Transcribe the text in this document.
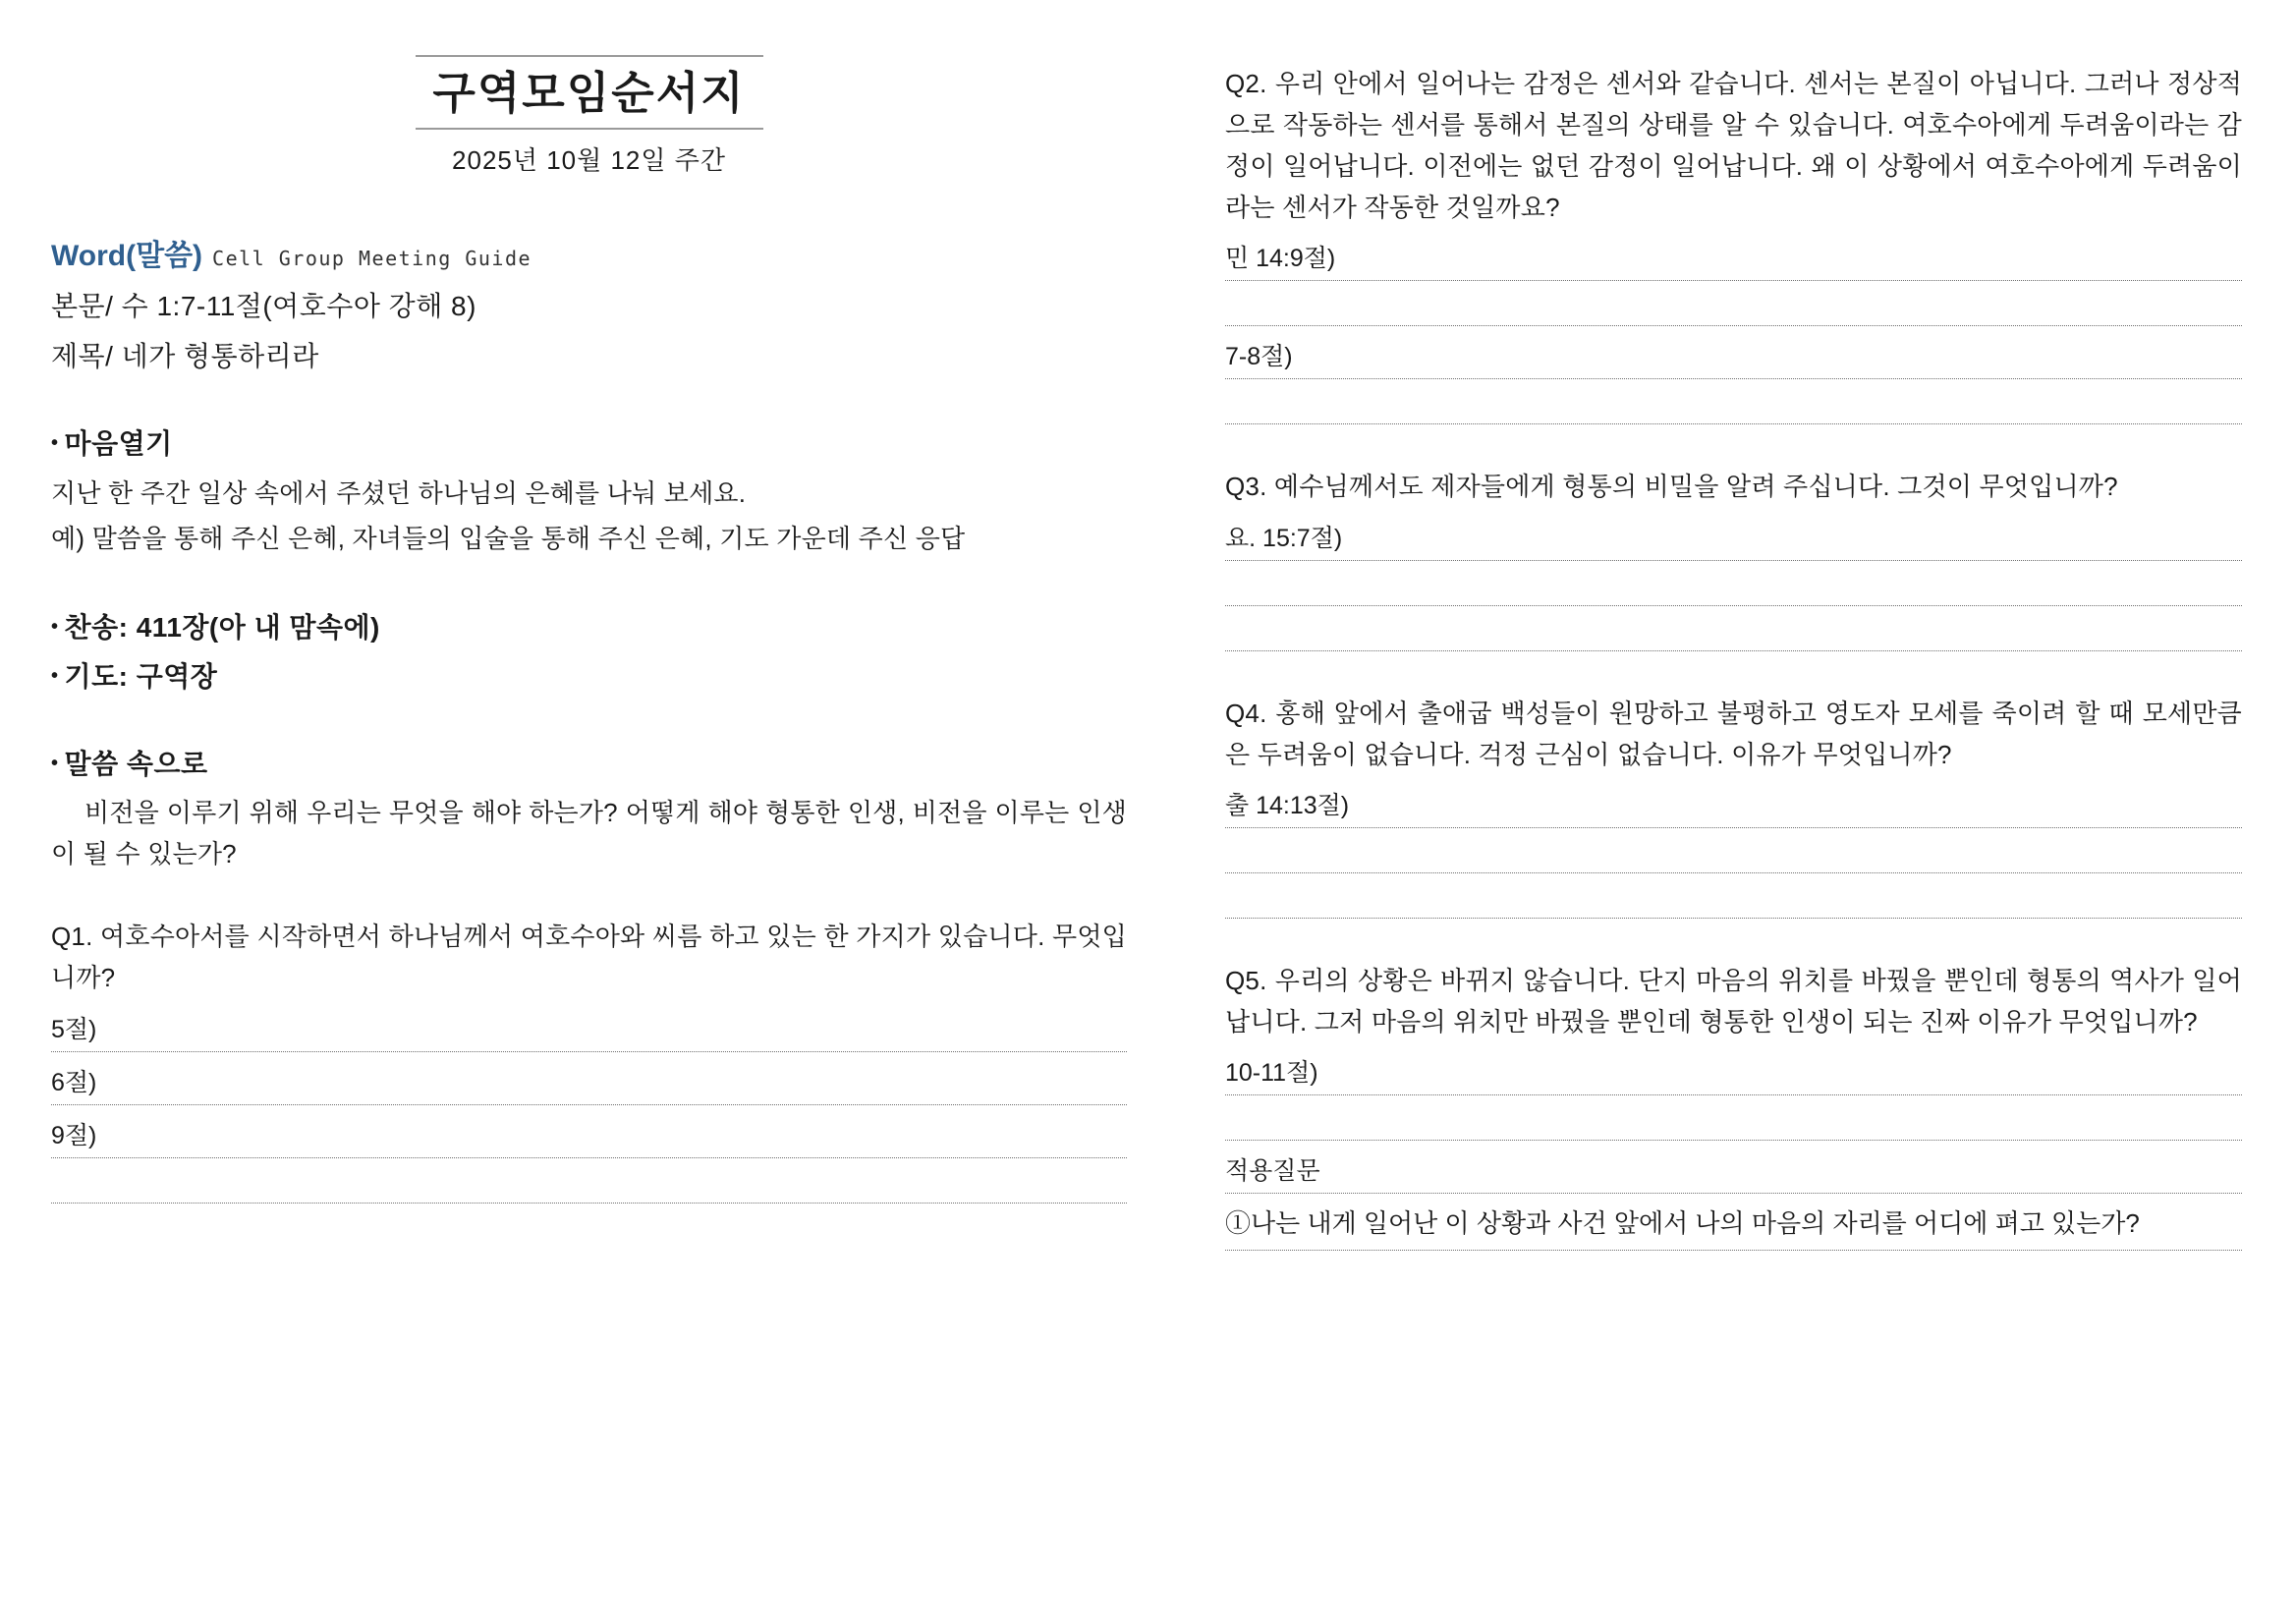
구역모임순서지
2025년 10월 12일 주간
Word(말씀) Cell Group Meeting Guide
본문/ 수 1:7-11절(여호수아 강해 8)
제목/ 네가 형통하리라
• 마음열기
지난 한 주간 일상 속에서 주셨던 하나님의 은혜를 나눠 보세요.
예) 말씀을 통해 주신 은혜, 자녀들의 입술을 통해 주신 은혜, 기도 가운데 주신 응답
• 찬송: 411장(아 내 맘속에)
• 기도: 구역장
• 말씀 속으로
비전을 이루기 위해 우리는 무엇을 해야 하는가? 어떻게 해야 형통한 인생, 비전을 이루는 인생이 될 수 있는가?
Q1. 여호수아서를 시작하면서 하나님께서 여호수아와 씨름 하고 있는 한 가지가 있습니다. 무엇입니까?
5절)
6절)
9절)
Q2. 우리 안에서 일어나는 감정은 센서와 같습니다. 센서는 본질이 아닙니다. 그러나 정상적으로 작동하는 센서를 통해서 본질의 상태를 알 수 있습니다. 여호수아에게 두려움이라는 감정이 일어납니다. 이전에는 없던 감정이 일어납니다. 왜 이 상황에서 여호수아에게 두려움이라는 센서가 작동한 것일까요?
민 14:9절)
7-8절)
Q3. 예수님께서도 제자들에게 형통의 비밀을 알려 주십니다. 그것이 무엇입니까?
요. 15:7절)
Q4. 홍해 앞에서 출애굽 백성들이 원망하고 불평하고 영도자 모세를 죽이려 할 때 모세만큼은 두려움이 없습니다. 걱정 근심이 없습니다. 이유가 무엇입니까?
출 14:13절)
Q5. 우리의 상황은 바뀌지 않습니다. 단지 마음의 위치를 바꿨을 뿐인데 형통의 역사가 일어납니다. 그저 마음의 위치만 바꿨을 뿐인데 형통한 인생이 되는 진짜 이유가 무엇입니까?
10-11절)
적용질문
①나는 내게 일어난 이 상황과 사건 앞에서 나의 마음의 자리를 어디에 펴고 있는가?
